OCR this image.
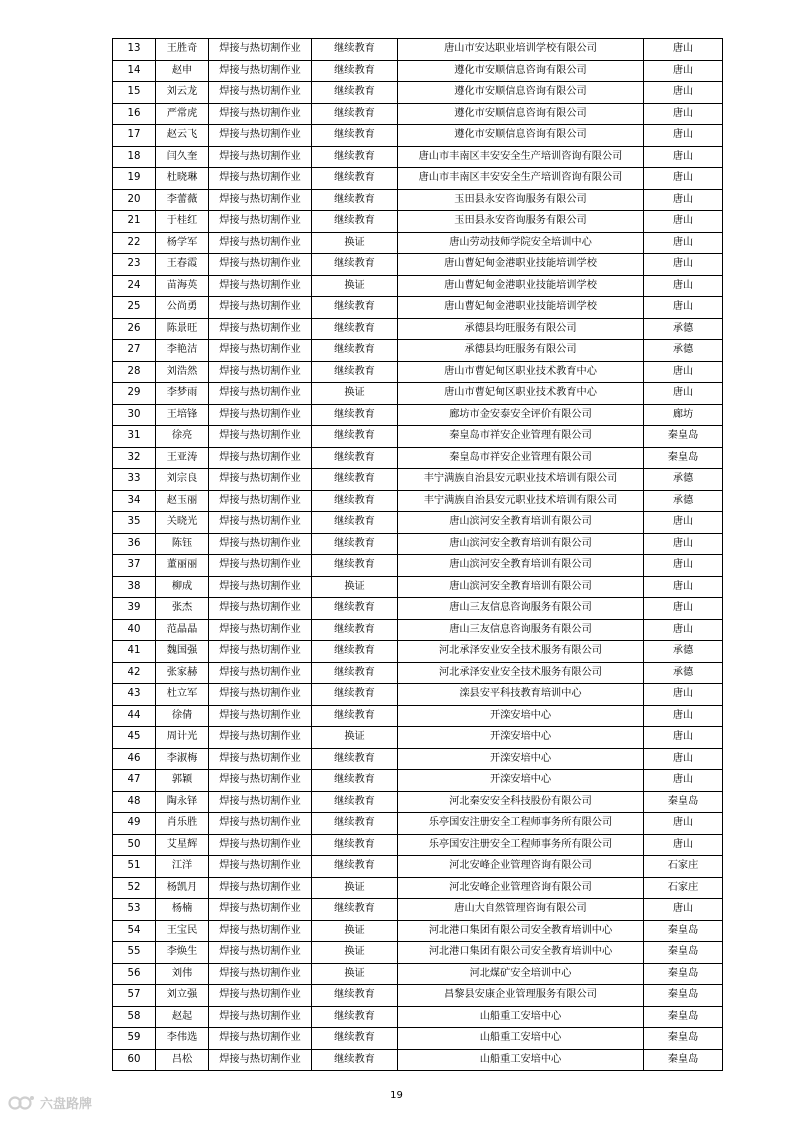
13	王胜奇	焊接与热切割作业	继续教育	唐山市安达职业培训学校有限公司	唐山
14	赵申	焊接与热切割作业	继续教育	遵化市安顺信息咨询有限公司	唐山
15	刘云龙	焊接与热切割作业	继续教育	遵化市安顺信息咨询有限公司	唐山
16	严常虎	焊接与热切割作业	继续教育	遵化市安顺信息咨询有限公司	唐山
17	赵云飞	焊接与热切割作业	继续教育	遵化市安顺信息咨询有限公司	唐山
18	闫久奎	焊接与热切割作业	继续教育	唐山市丰南区丰安安全生产培训咨询有限公司	唐山
19	杜晓琳	焊接与热切割作业	继续教育	唐山市丰南区丰安安全生产培训咨询有限公司	唐山
20	李蕾薇	焊接与热切割作业	继续教育	玉田县永安咨询服务有限公司	唐山
21	于桂红	焊接与热切割作业	继续教育	玉田县永安咨询服务有限公司	唐山
22	杨学军	焊接与热切割作业	换证	唐山劳动技师学院安全培训中心	唐山
23	王春霞	焊接与热切割作业	继续教育	唐山曹妃甸金港职业技能培训学校	唐山
24	苗海英	焊接与热切割作业	换证	唐山曹妃甸金港职业技能培训学校	唐山
25	公尚勇	焊接与热切割作业	继续教育	唐山曹妃甸金港职业技能培训学校	唐山
26	陈景旺	焊接与热切割作业	继续教育	承德县均旺服务有限公司	承德
27	李艳洁	焊接与热切割作业	继续教育	承德县均旺服务有限公司	承德
28	刘浩然	焊接与热切割作业	继续教育	唐山市曹妃甸区职业技术教育中心	唐山
29	李梦雨	焊接与热切割作业	换证	唐山市曹妃甸区职业技术教育中心	唐山
30	王培锋	焊接与热切割作业	继续教育	廊坊市金安泰安全评价有限公司	廊坊
31	徐亮	焊接与热切割作业	继续教育	秦皇岛市祥安企业管理有限公司	秦皇岛
32	王亚涛	焊接与热切割作业	继续教育	秦皇岛市祥安企业管理有限公司	秦皇岛
33	刘宗良	焊接与热切割作业	继续教育	丰宁满族自治县安元职业技术培训有限公司	承德
34	赵玉丽	焊接与热切割作业	继续教育	丰宁满族自治县安元职业技术培训有限公司	承德
35	关晓光	焊接与热切割作业	继续教育	唐山滨河安全教育培训有限公司	唐山
36	陈钰	焊接与热切割作业	继续教育	唐山滨河安全教育培训有限公司	唐山
37	董丽丽	焊接与热切割作业	继续教育	唐山滨河安全教育培训有限公司	唐山
38	柳成	焊接与热切割作业	换证	唐山滨河安全教育培训有限公司	唐山
39	张杰	焊接与热切割作业	继续教育	唐山三友信息咨询服务有限公司	唐山
40	范晶晶	焊接与热切割作业	继续教育	唐山三友信息咨询服务有限公司	唐山
41	魏国强	焊接与热切割作业	继续教育	河北承泽安业安全技术服务有限公司	承德
42	张家赫	焊接与热切割作业	继续教育	河北承泽安业安全技术服务有限公司	承德
43	杜立军	焊接与热切割作业	继续教育	滦县安平科技教育培训中心	唐山
44	徐倩	焊接与热切割作业	继续教育	开滦安培中心	唐山
45	周计光	焊接与热切割作业	换证	开滦安培中心	唐山
46	李淑梅	焊接与热切割作业	继续教育	开滦安培中心	唐山
47	郭颖	焊接与热切割作业	继续教育	开滦安培中心	唐山
48	陶永铎	焊接与热切割作业	继续教育	河北秦安安全科技股份有限公司	秦皇岛
49	肖乐胜	焊接与热切割作业	继续教育	乐亭国安注册安全工程师事务所有限公司	唐山
50	艾星辉	焊接与热切割作业	继续教育	乐亭国安注册安全工程师事务所有限公司	唐山
51	江洋	焊接与热切割作业	继续教育	河北安峰企业管理咨询有限公司	石家庄
52	杨凯月	焊接与热切割作业	换证	河北安峰企业管理咨询有限公司	石家庄
53	杨楠	焊接与热切割作业	继续教育	唐山大自然管理咨询有限公司	唐山
54	王宝民	焊接与热切割作业	换证	河北港口集团有限公司安全教育培训中心	秦皇岛
55	李焕生	焊接与热切割作业	换证	河北港口集团有限公司安全教育培训中心	秦皇岛
56	刘伟	焊接与热切割作业	换证	河北煤矿安全培训中心	秦皇岛
57	刘立强	焊接与热切割作业	继续教育	昌黎县安康企业管理服务有限公司	秦皇岛
58	赵起	焊接与热切割作业	继续教育	山船重工安培中心	秦皇岛
59	李伟选	焊接与热切割作业	继续教育	山船重工安培中心	秦皇岛
60	吕松	焊接与热切割作业	继续教育	山船重工安培中心	秦皇岛
19
六盘路牌
